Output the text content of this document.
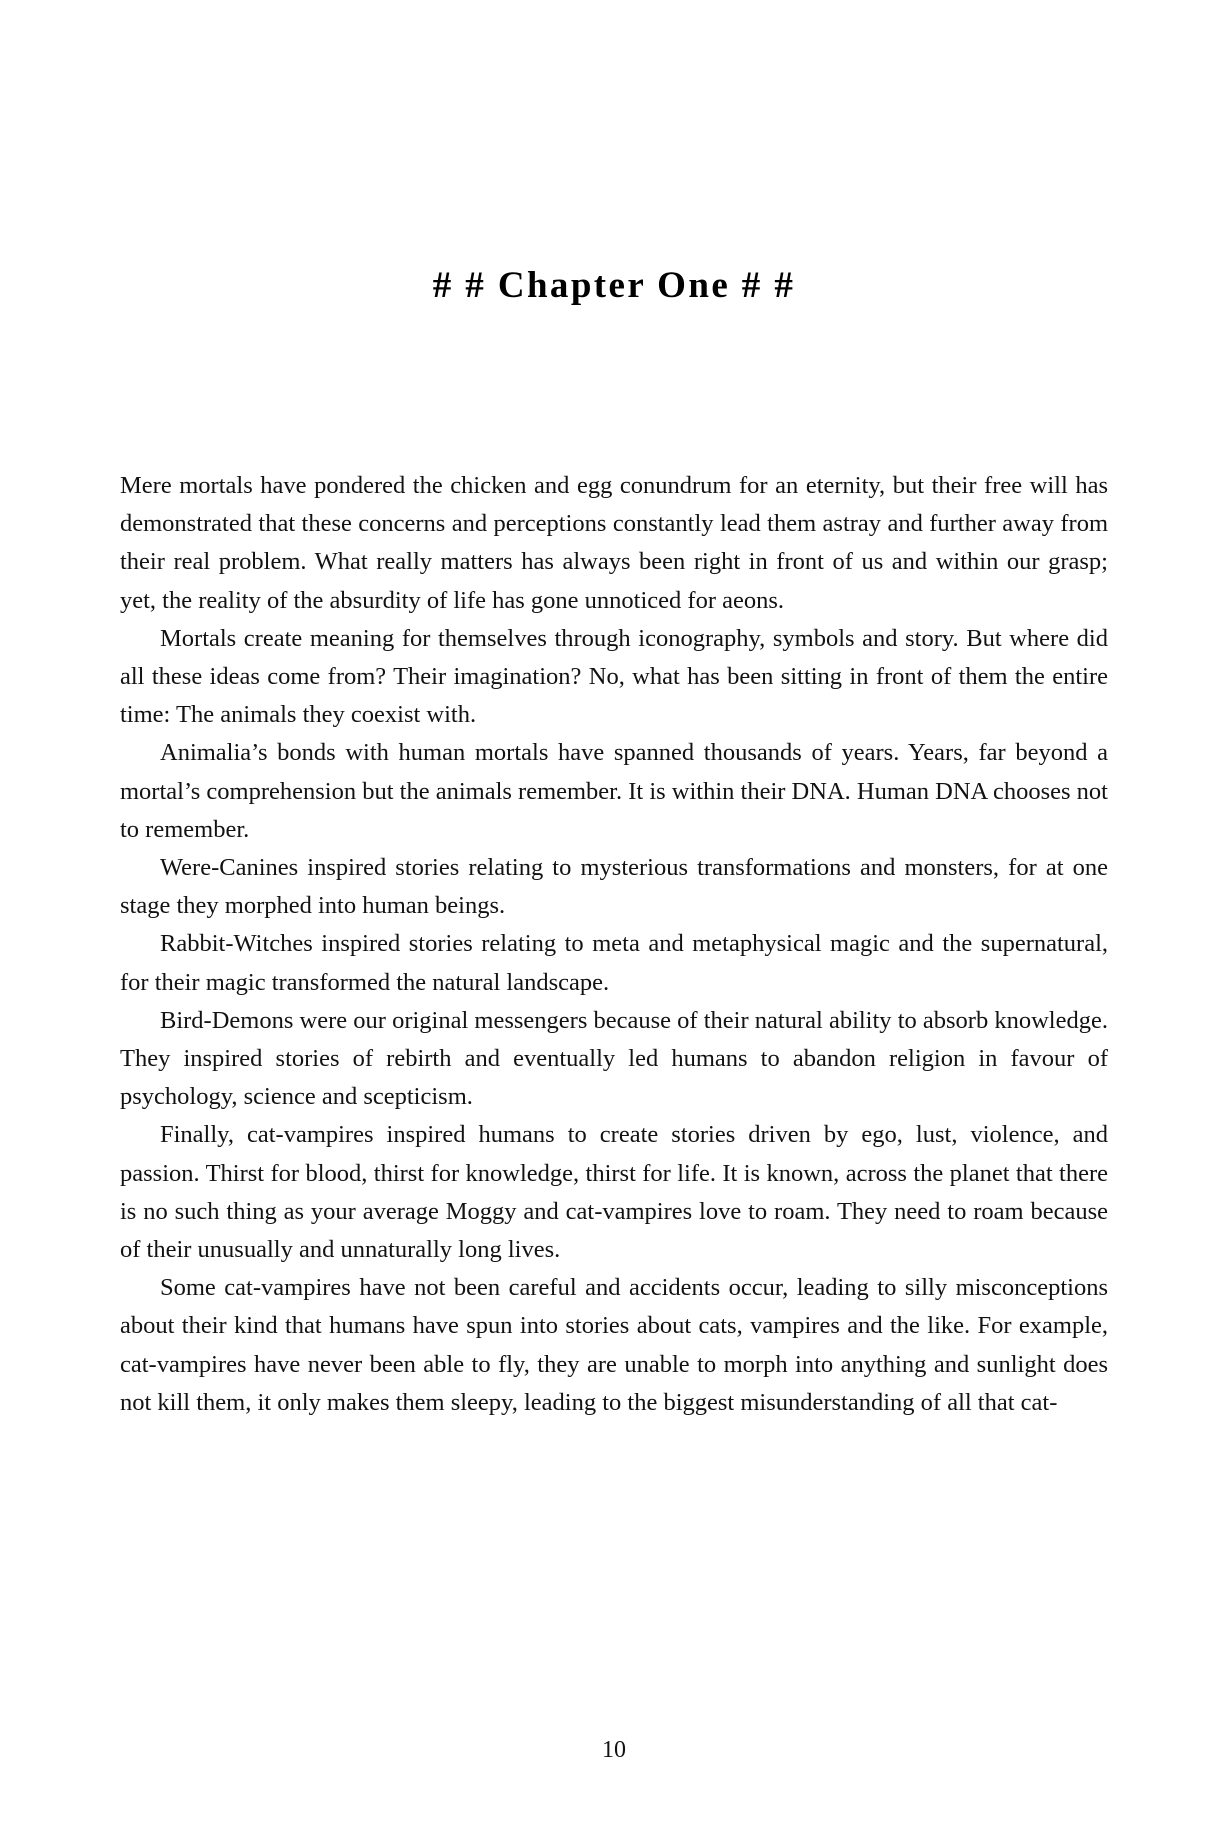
# # Chapter One # #

Mere mortals have pondered the chicken and egg conundrum for an eternity, but their free will has demonstrated that these concerns and perceptions constantly lead them astray and further away from their real problem. What really matters has always been right in front of us and within our grasp; yet, the reality of the absurdity of life has gone unnoticed for aeons.

Mortals create meaning for themselves through iconography, symbols and story. But where did all these ideas come from? Their imagination? No, what has been sitting in front of them the entire time: The animals they coexist with.

Animalia’s bonds with human mortals have spanned thousands of years. Years, far beyond a mortal’s comprehension but the animals remember. It is within their DNA. Human DNA chooses not to remember.

Were-Canines inspired stories relating to mysterious transformations and monsters, for at one stage they morphed into human beings.

Rabbit-Witches inspired stories relating to meta and metaphysical magic and the supernatural, for their magic transformed the natural landscape.

Bird-Demons were our original messengers because of their natural ability to absorb knowledge. They inspired stories of rebirth and eventually led humans to abandon religion in favour of psychology, science and scepticism.

Finally, cat-vampires inspired humans to create stories driven by ego, lust, violence, and passion. Thirst for blood, thirst for knowledge, thirst for life. It is known, across the planet that there is no such thing as your average Moggy and cat-vampires love to roam. They need to roam because of their unusually and unnaturally long lives.

Some cat-vampires have not been careful and accidents occur, leading to silly misconceptions about their kind that humans have spun into stories about cats, vampires and the like. For example, cat-vampires have never been able to fly, they are unable to morph into anything and sunlight does not kill them, it only makes them sleepy, leading to the biggest misunderstanding of all that cat-

10
